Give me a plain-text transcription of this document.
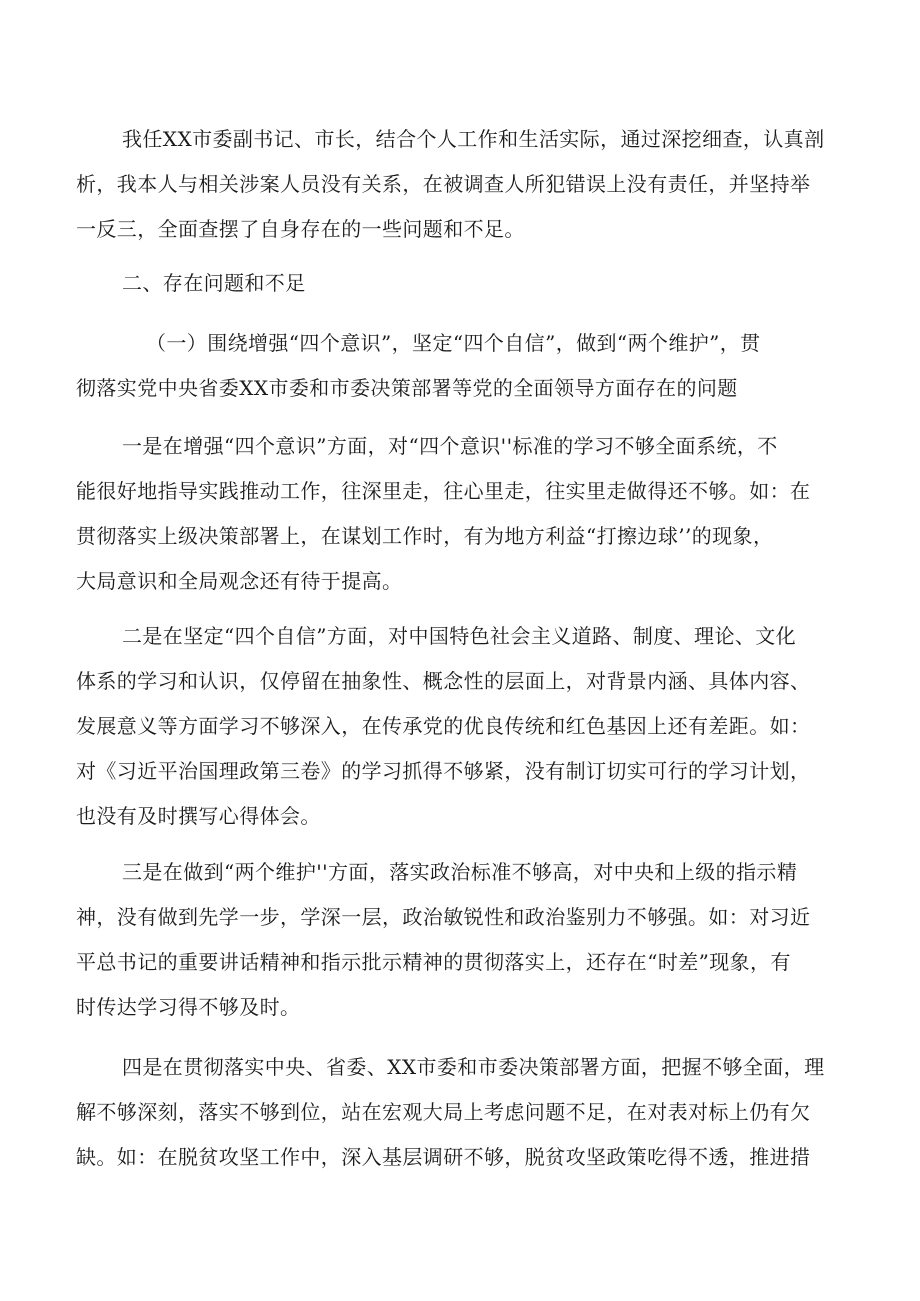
我任XX市委副书记、市长，结合个人工作和生活实际，通过深挖细查，认真剖
析，我本人与相关涉案人员没有关系，在被调查人所犯错误上没有责任，并坚持举
一反三，全面查摆了自身存在的一些问题和不足。
二、存在问题和不足
（一）围绕增强“四个意识”，坚定“四个自信”，做到“两个维护”，贯
彻落实党中央省委XX市委和市委决策部署等党的全面领导方面存在的问题
一是在增强“四个意识”方面，对“四个意识''标准的学习不够全面系统，不
能很好地指导实践推动工作，往深里走，往心里走，往实里走做得还不够。如：在
贯彻落实上级决策部署上，在谋划工作时，有为地方利益“打擦边球’’的现象，
大局意识和全局观念还有待于提高。
二是在坚定“四个自信”方面，对中国特色社会主义道路、制度、理论、文化
体系的学习和认识，仅停留在抽象性、概念性的层面上，对背景内涵、具体内容、
发展意义等方面学习不够深入，在传承党的优良传统和红色基因上还有差距。如：
对《习近平治国理政第三卷》的学习抓得不够紧，没有制订切实可行的学习计划，
也没有及时撰写心得体会。
三是在做到“两个维护''方面，落实政治标准不够高，对中央和上级的指示精
神，没有做到先学一步，学深一层，政治敏锐性和政治鉴别力不够强。如：对习近
平总书记的重要讲话精神和指示批示精神的贯彻落实上，还存在“时差”现象，有
时传达学习得不够及时。
四是在贯彻落实中央、省委、XX市委和市委决策部署方面，把握不够全面，理
解不够深刻，落实不够到位，站在宏观大局上考虑问题不足，在对表对标上仍有欠
缺。如：在脱贫攻坚工作中，深入基层调研不够，脱贫攻坚政策吃得不透，推进措
